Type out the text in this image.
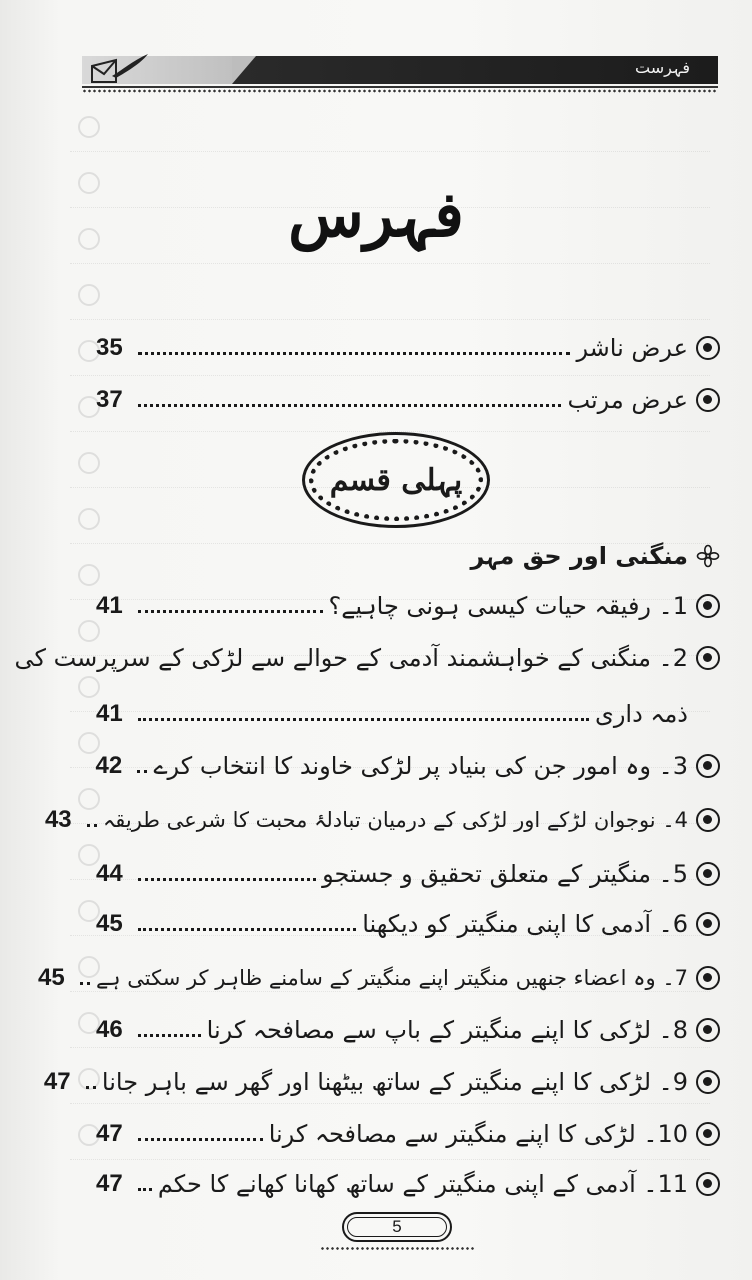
فہرست
فہرس
عرض ناشر
35
عرض مرتب
37
پہلی قسم
منگنی اور حق مہر
1۔ رفیقہ حیات کیسی ہونی چاہیے؟
41
2۔ منگنی کے خواہشمند آدمی کے حوالے سے لڑکی کے سرپرست کی
ذمہ داری
41
3۔ وہ امور جن کی بنیاد پر لڑکی خاوند کا انتخاب کرے
42
4۔ نوجوان لڑکے اور لڑکی کے درمیان تبادلۂ محبت کا شرعی طریقہ
43
5۔ منگیتر کے متعلق تحقیق و جستجو
44
6۔ آدمی کا اپنی منگیتر کو دیکھنا
45
7۔ وہ اعضاء جنھیں منگیتر اپنے منگیتر کے سامنے ظاہر کر سکتی ہے
45
8۔ لڑکی کا اپنے منگیتر کے باپ سے مصافحہ کرنا
46
9۔ لڑکی کا اپنے منگیتر کے ساتھ بیٹھنا اور گھر سے باہر جانا
47
10۔ لڑکی کا اپنے منگیتر سے مصافحہ کرنا
47
11۔ آدمی کے اپنی منگیتر کے ساتھ کھانا کھانے کا حکم
47
5
